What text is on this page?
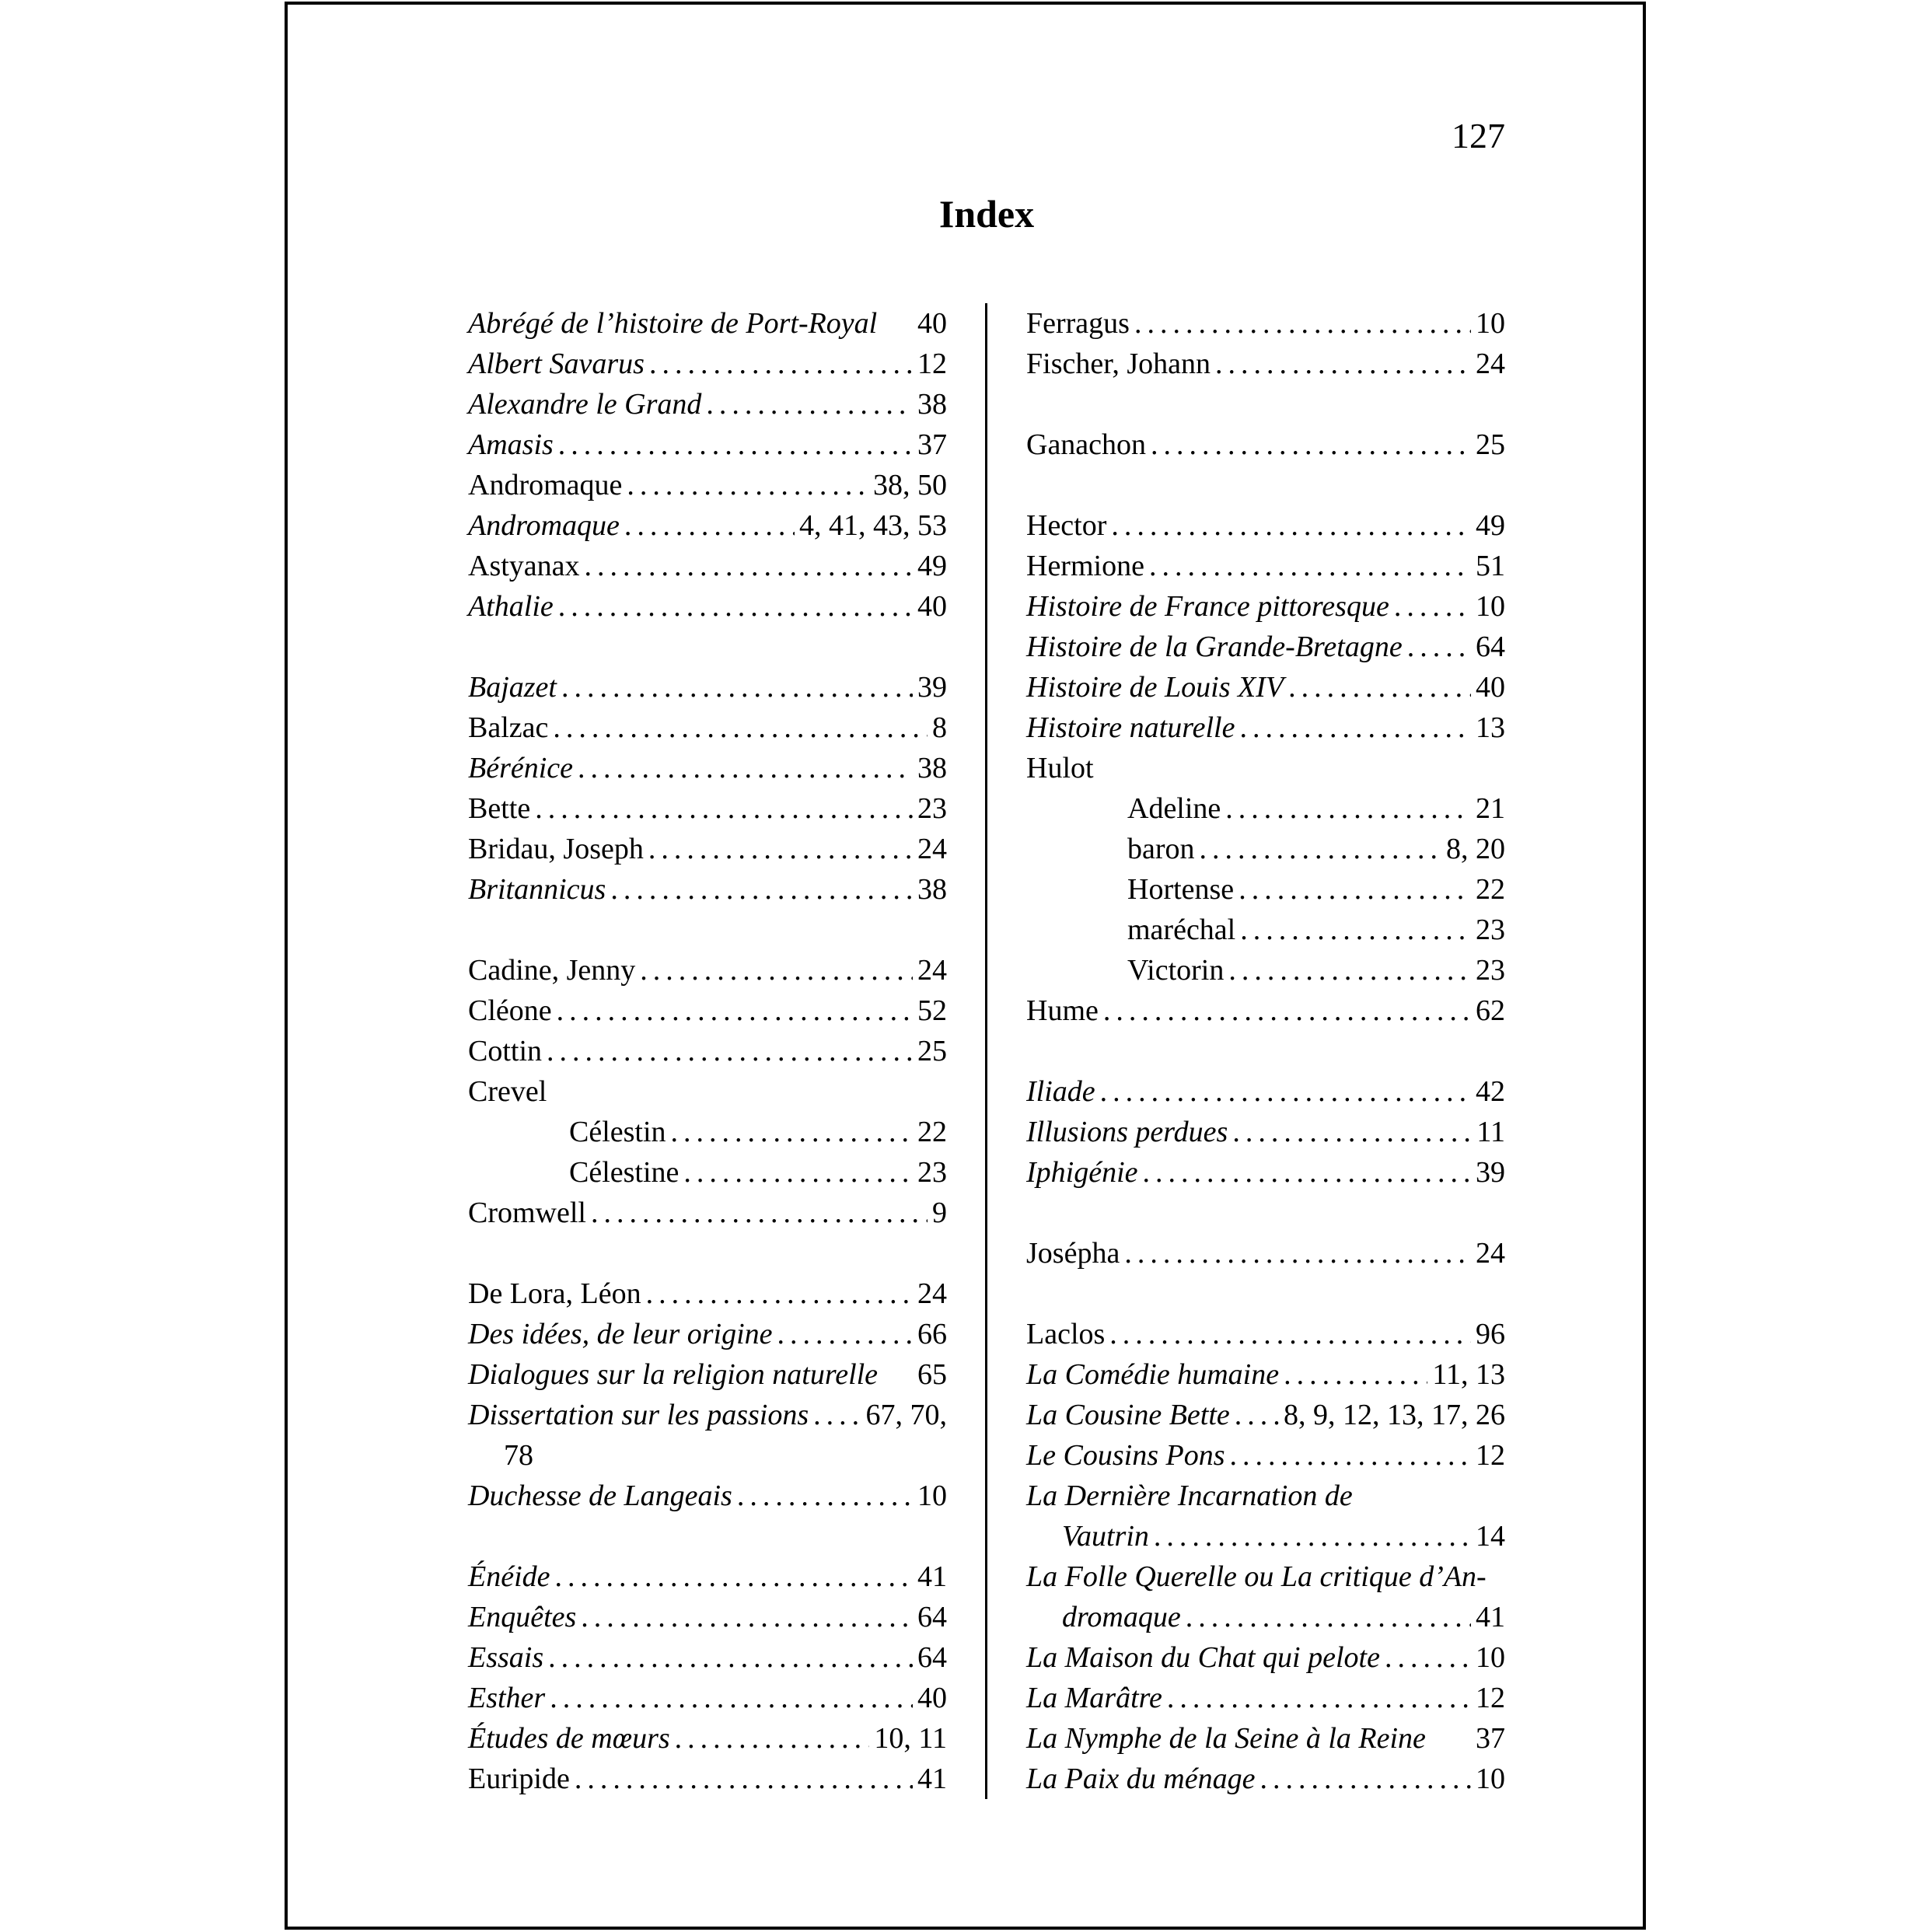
127
Index
Abrégé de l’histoire de Port-Royal 40
Albert Savarus .....	12
Alexandre le Grand .....	38
Amasis .....	37
Andromaque .....	38, 50
Andromaque .....	4, 41, 43, 53
Astyanax .....	49
Athalie .....	40
Bajazet .....	39
Balzac .....	8
Bérénice .....	38
Bette .....	23
Bridau, Joseph .....	24
Britannicus .....	38
Cadine, Jenny .....	24
Cléone .....	52
Cottin .....	25
Crevel
Célestin .....	22
Célestine .....	23
Cromwell .....	9
De Lora, Léon .....	24
Des idées, de leur origine .....	66
Dialogues sur la religion naturelle 65
Dissertation sur les passions ..... 67, 70,
78
Duchesse de Langeais .....	10
Énéide .....	41
Enquêtes .....	64
Essais .....	64
Esther .....	40
Études de mœurs .....	10, 11
Euripide .....	41
Ferragus .....	10
Fischer, Johann .....	24
Ganachon .....	25
Hector .....	49
Hermione .....	51
Histoire de France pittoresque .....	10
Histoire de la Grande-Bretagne ..... 64
Histoire de Louis XIV .....	40
Histoire naturelle .....	13
Hulot
Adeline .....	21
baron .....	8, 20
Hortense .....	22
maréchal .....	23
Victorin .....	23
Hume .....	62
Iliade .....	42
Illusions perdues .....	11
Iphigénie .....	39
Josépha .....	24
Laclos .....	96
La Comédie humaine .....	11, 13
La Cousine Bette ..... 8, 9, 12, 13, 17, 26
Le Cousins Pons .....	12
La Dernière Incarnation de
Vautrin .....	14
La Folle Querelle ou La critique d’An-
dromaque .....	41
La Maison du Chat qui pelote .....	10
La Marâtre .....	12
La Nymphe de la Seine à la Reine 37
La Paix du ménage .....	10
